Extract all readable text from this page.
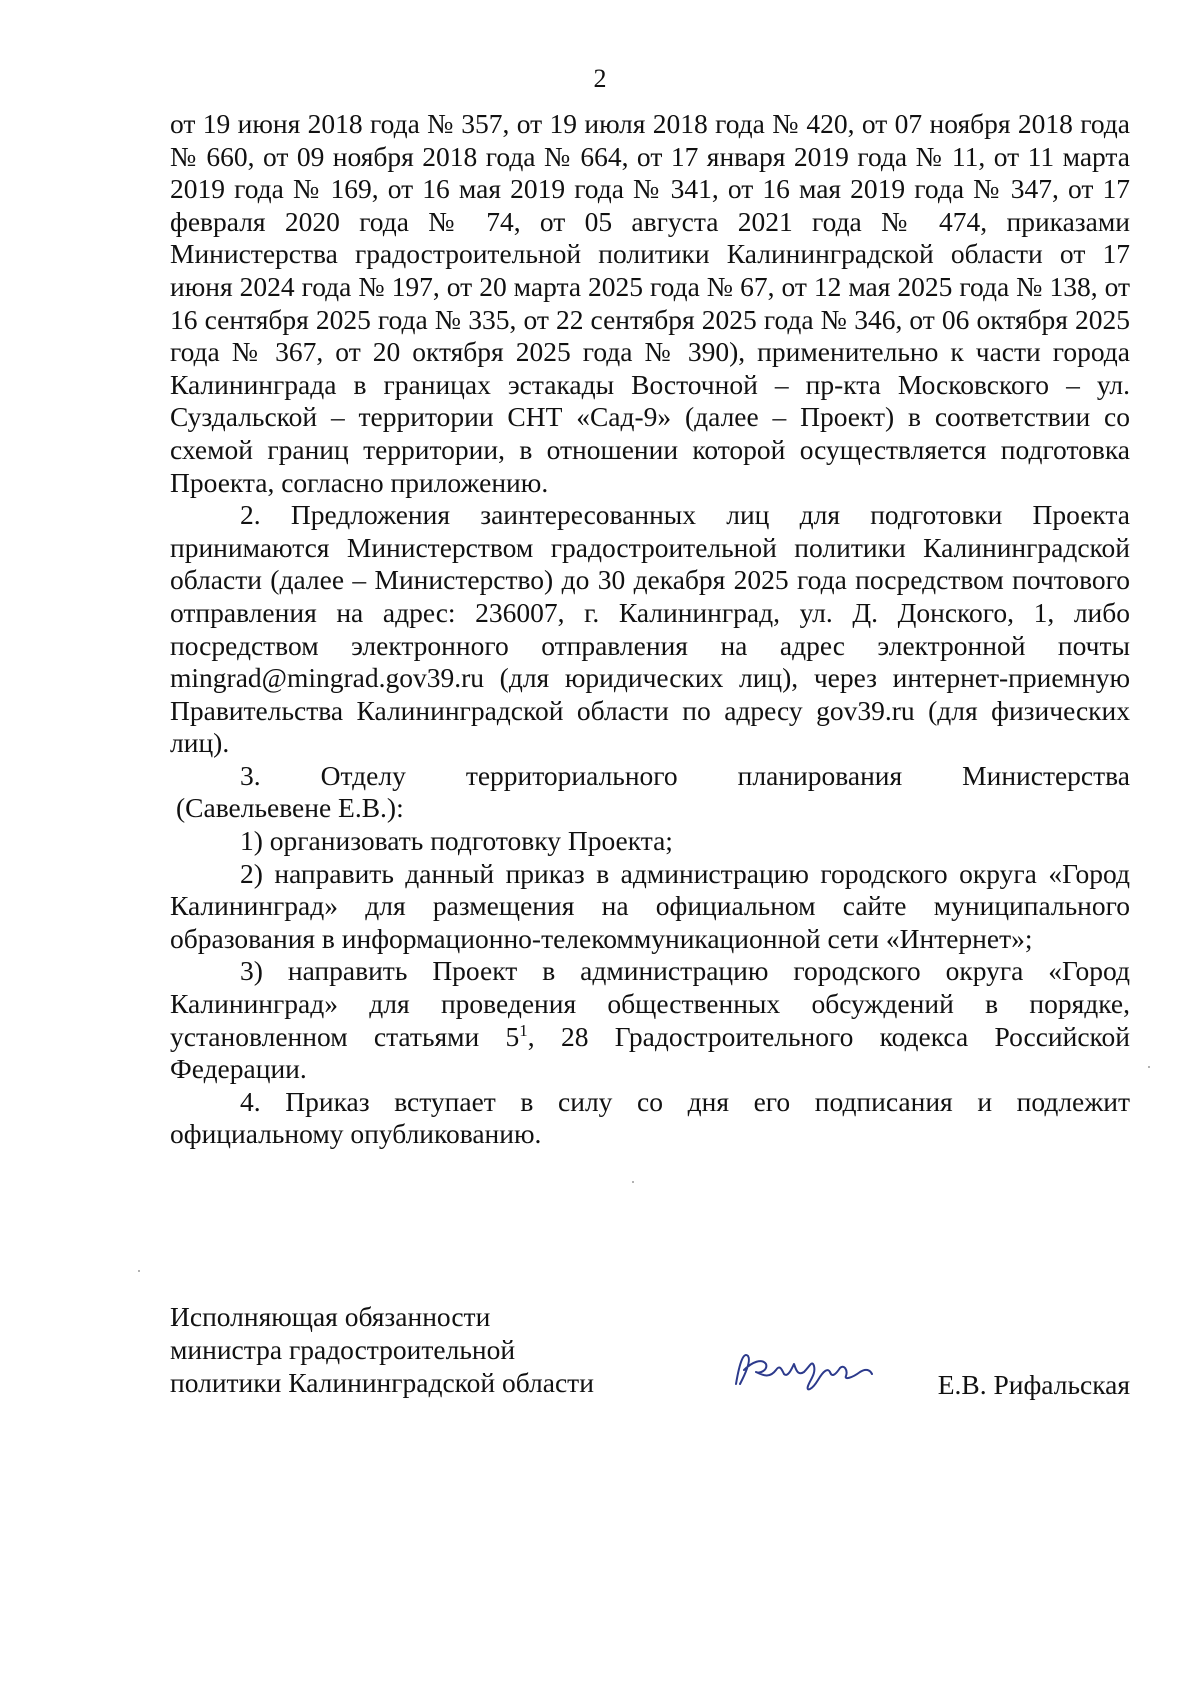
2

от 19 июня 2018 года № 357, от 19 июля 2018 года № 420, от 07 ноября 2018 года № 660, от 09 ноября 2018 года № 664, от 17 января 2019 года № 11, от 11 марта 2019 года № 169, от 16 мая 2019 года № 341, от 16 мая 2019 года № 347, от 17 февраля 2020 года № 74, от 05 августа 2021 года № 474, приказами Министерства градостроительной политики Калининградской области от 17 июня 2024 года № 197, от 20 марта 2025 года № 67, от 12 мая 2025 года № 138, от 16 сентября 2025 года № 335, от 22 сентября 2025 года № 346, от 06 октября 2025 года № 367, от 20 октября 2025 года № 390), применительно к части города Калининграда в границах эстакады Восточной – пр-кта Московского – ул. Суздальской – территории СНТ «Сад-9» (далее – Проект) в соответствии со схемой границ территории, в отношении которой осуществляется подготовка Проекта, согласно приложению.

2. Предложения заинтересованных лиц для подготовки Проекта принимаются Министерством градостроительной политики Калининградской области (далее – Министерство) до 30 декабря 2025 года посредством почтового отправления на адрес: 236007, г. Калининград, ул. Д. Донского, 1, либо посредством электронного отправления на адрес электронной почты mingrad@mingrad.gov39.ru (для юридических лиц), через интернет-приемную Правительства Калининградской области по адресу gov39.ru (для физических лиц).

3. Отделу территориального планирования Министерства

(Савельевене Е.В.):

1) организовать подготовку Проекта;

2) направить данный приказ в администрацию городского округа «Город Калининград» для размещения на официальном сайте муниципального образования в информационно-телекоммуникационной сети «Интернет»;

3) направить Проект в администрацию городского округа «Город Калининград» для проведения общественных обсуждений в порядке, установленном статьями $5^1$, 28 Градостроительного кодекса Российской Федерации.

4. Приказ вступает в силу со дня его подписания и подлежит официальному опубликованию.

Исполняющая обязанности
министра градостроительной
политики Калининградской области	Е.В. Рифальская
